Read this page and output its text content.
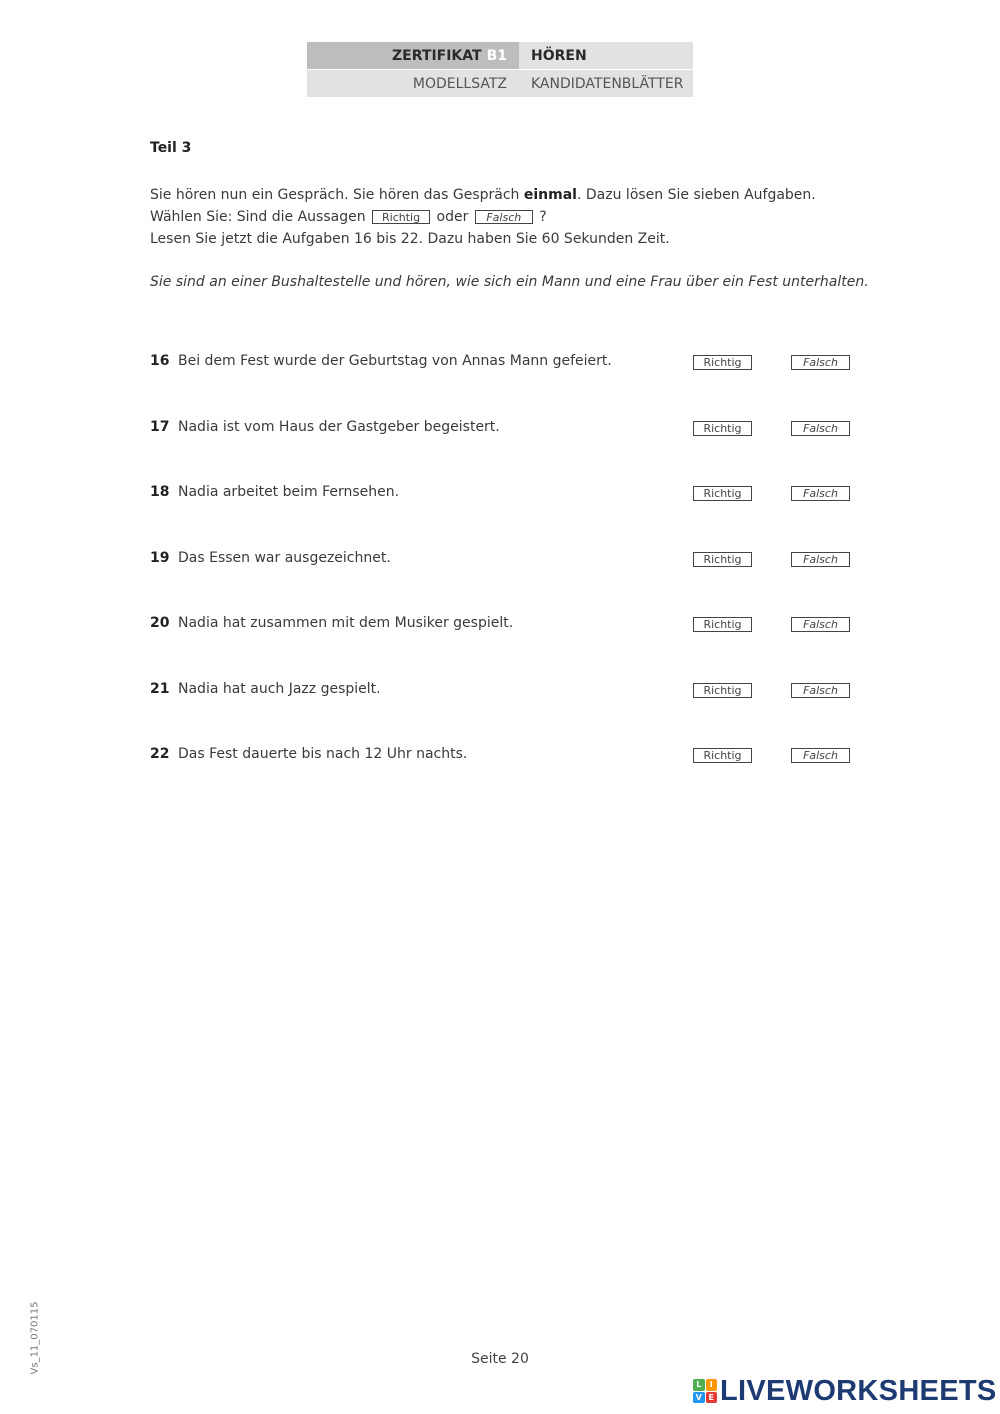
ZERTIFIKAT B1	HÖREN
MODELLSATZ	KANDIDATENBLÄTTER
Teil 3
Sie hören nun ein Gespräch. Sie hören das Gespräch einmal. Dazu lösen Sie sieben Aufgaben.
Wählen Sie: Sind die Aussagen Richtig oder Falsch ?
Lesen Sie jetzt die Aufgaben 16 bis 22. Dazu haben Sie 60 Sekunden Zeit.
Sie sind an einer Bushaltestelle und hören, wie sich ein Mann und eine Frau über ein Fest unterhalten.
16 Bei dem Fest wurde der Geburtstag von Annas Mann gefeiert.	Richtig	Falsch
17 Nadia ist vom Haus der Gastgeber begeistert.	Richtig	Falsch
18 Nadia arbeitet beim Fernsehen.	Richtig	Falsch
19 Das Essen war ausgezeichnet.	Richtig	Falsch
20 Nadia hat zusammen mit dem Musiker gespielt.	Richtig	Falsch
21 Nadia hat auch Jazz gespielt.	Richtig	Falsch
22 Das Fest dauerte bis nach 12 Uhr nachts.	Richtig	Falsch
Vs_11_070115	Seite 20
L	I
V E LIVEWORKSHEETS
